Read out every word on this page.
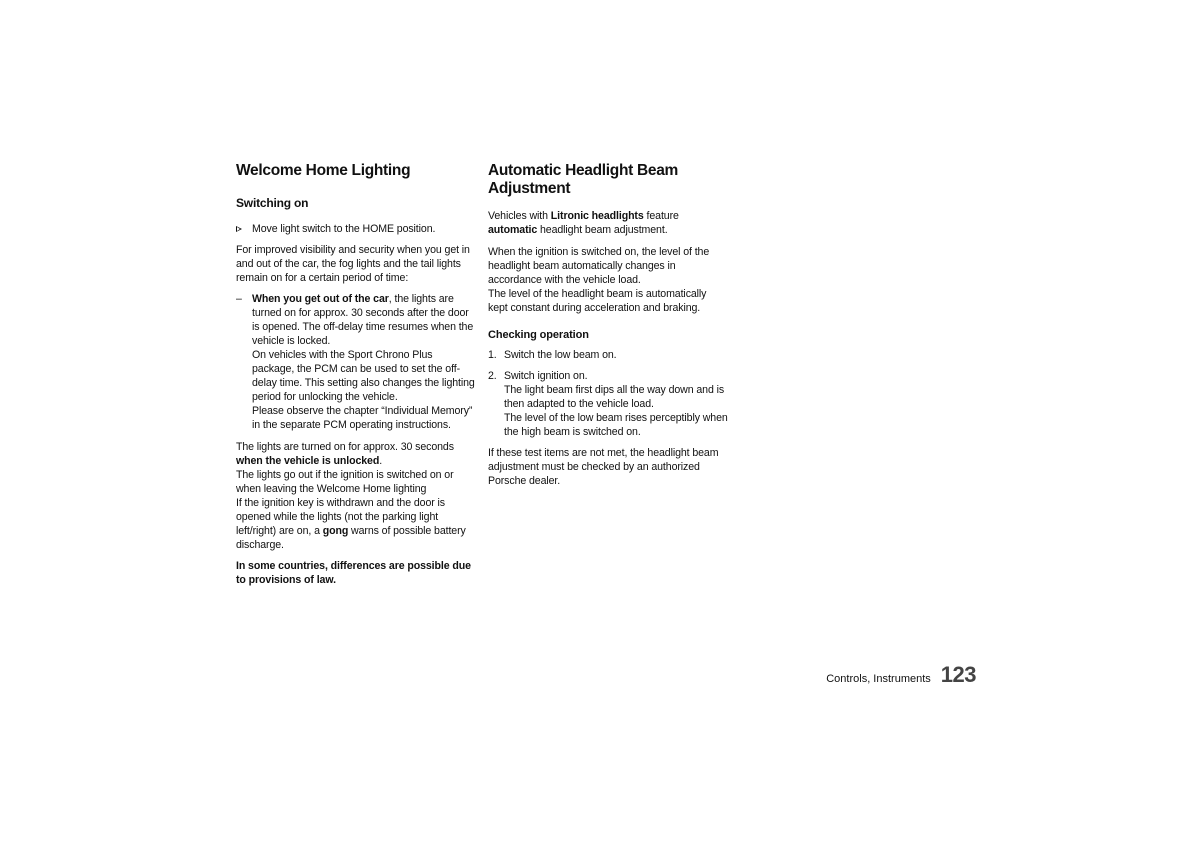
Welcome Home Lighting
Switching on
Move light switch to the HOME position.

For improved visibility and security when you get in and out of the car, the fog lights and the tail lights remain on for a certain period of time:

– When you get out of the car, the lights are turned on for approx. 30 seconds after the door is opened. The off-delay time resumes when the vehicle is locked.

On vehicles with the Sport Chrono Plus package, the PCM can be used to set the off-delay time. This setting also changes the lighting period for unlocking the vehicle.

Please observe the chapter “Individual Memory” in the separate PCM operating instructions.

The lights are turned on for approx. 30 seconds when the vehicle is unlocked.

The lights go out if the ignition is switched on or when leaving the Welcome Home lighting

If the ignition key is withdrawn and the door is opened while the lights (not the parking light left/right) are on, a gong warns of possible battery discharge.

In some countries, differences are possible due to provisions of law.

Automatic Headlight Beam Adjustment

Vehicles with Litronic headlights feature automatic headlight beam adjustment.

When the ignition is switched on, the level of the headlight beam automatically changes in accordance with the vehicle load.

The level of the headlight beam is automatically kept constant during acceleration and braking.

Checking operation
1. Switch the low beam on.

2. Switch ignition on.

The light beam first dips all the way down and is then adapted to the vehicle load.

The level of the low beam rises perceptibly when the high beam is switched on.

If these test items are not met, the headlight beam adjustment must be checked by an authorized Porsche dealer.

Controls, Instruments 123
